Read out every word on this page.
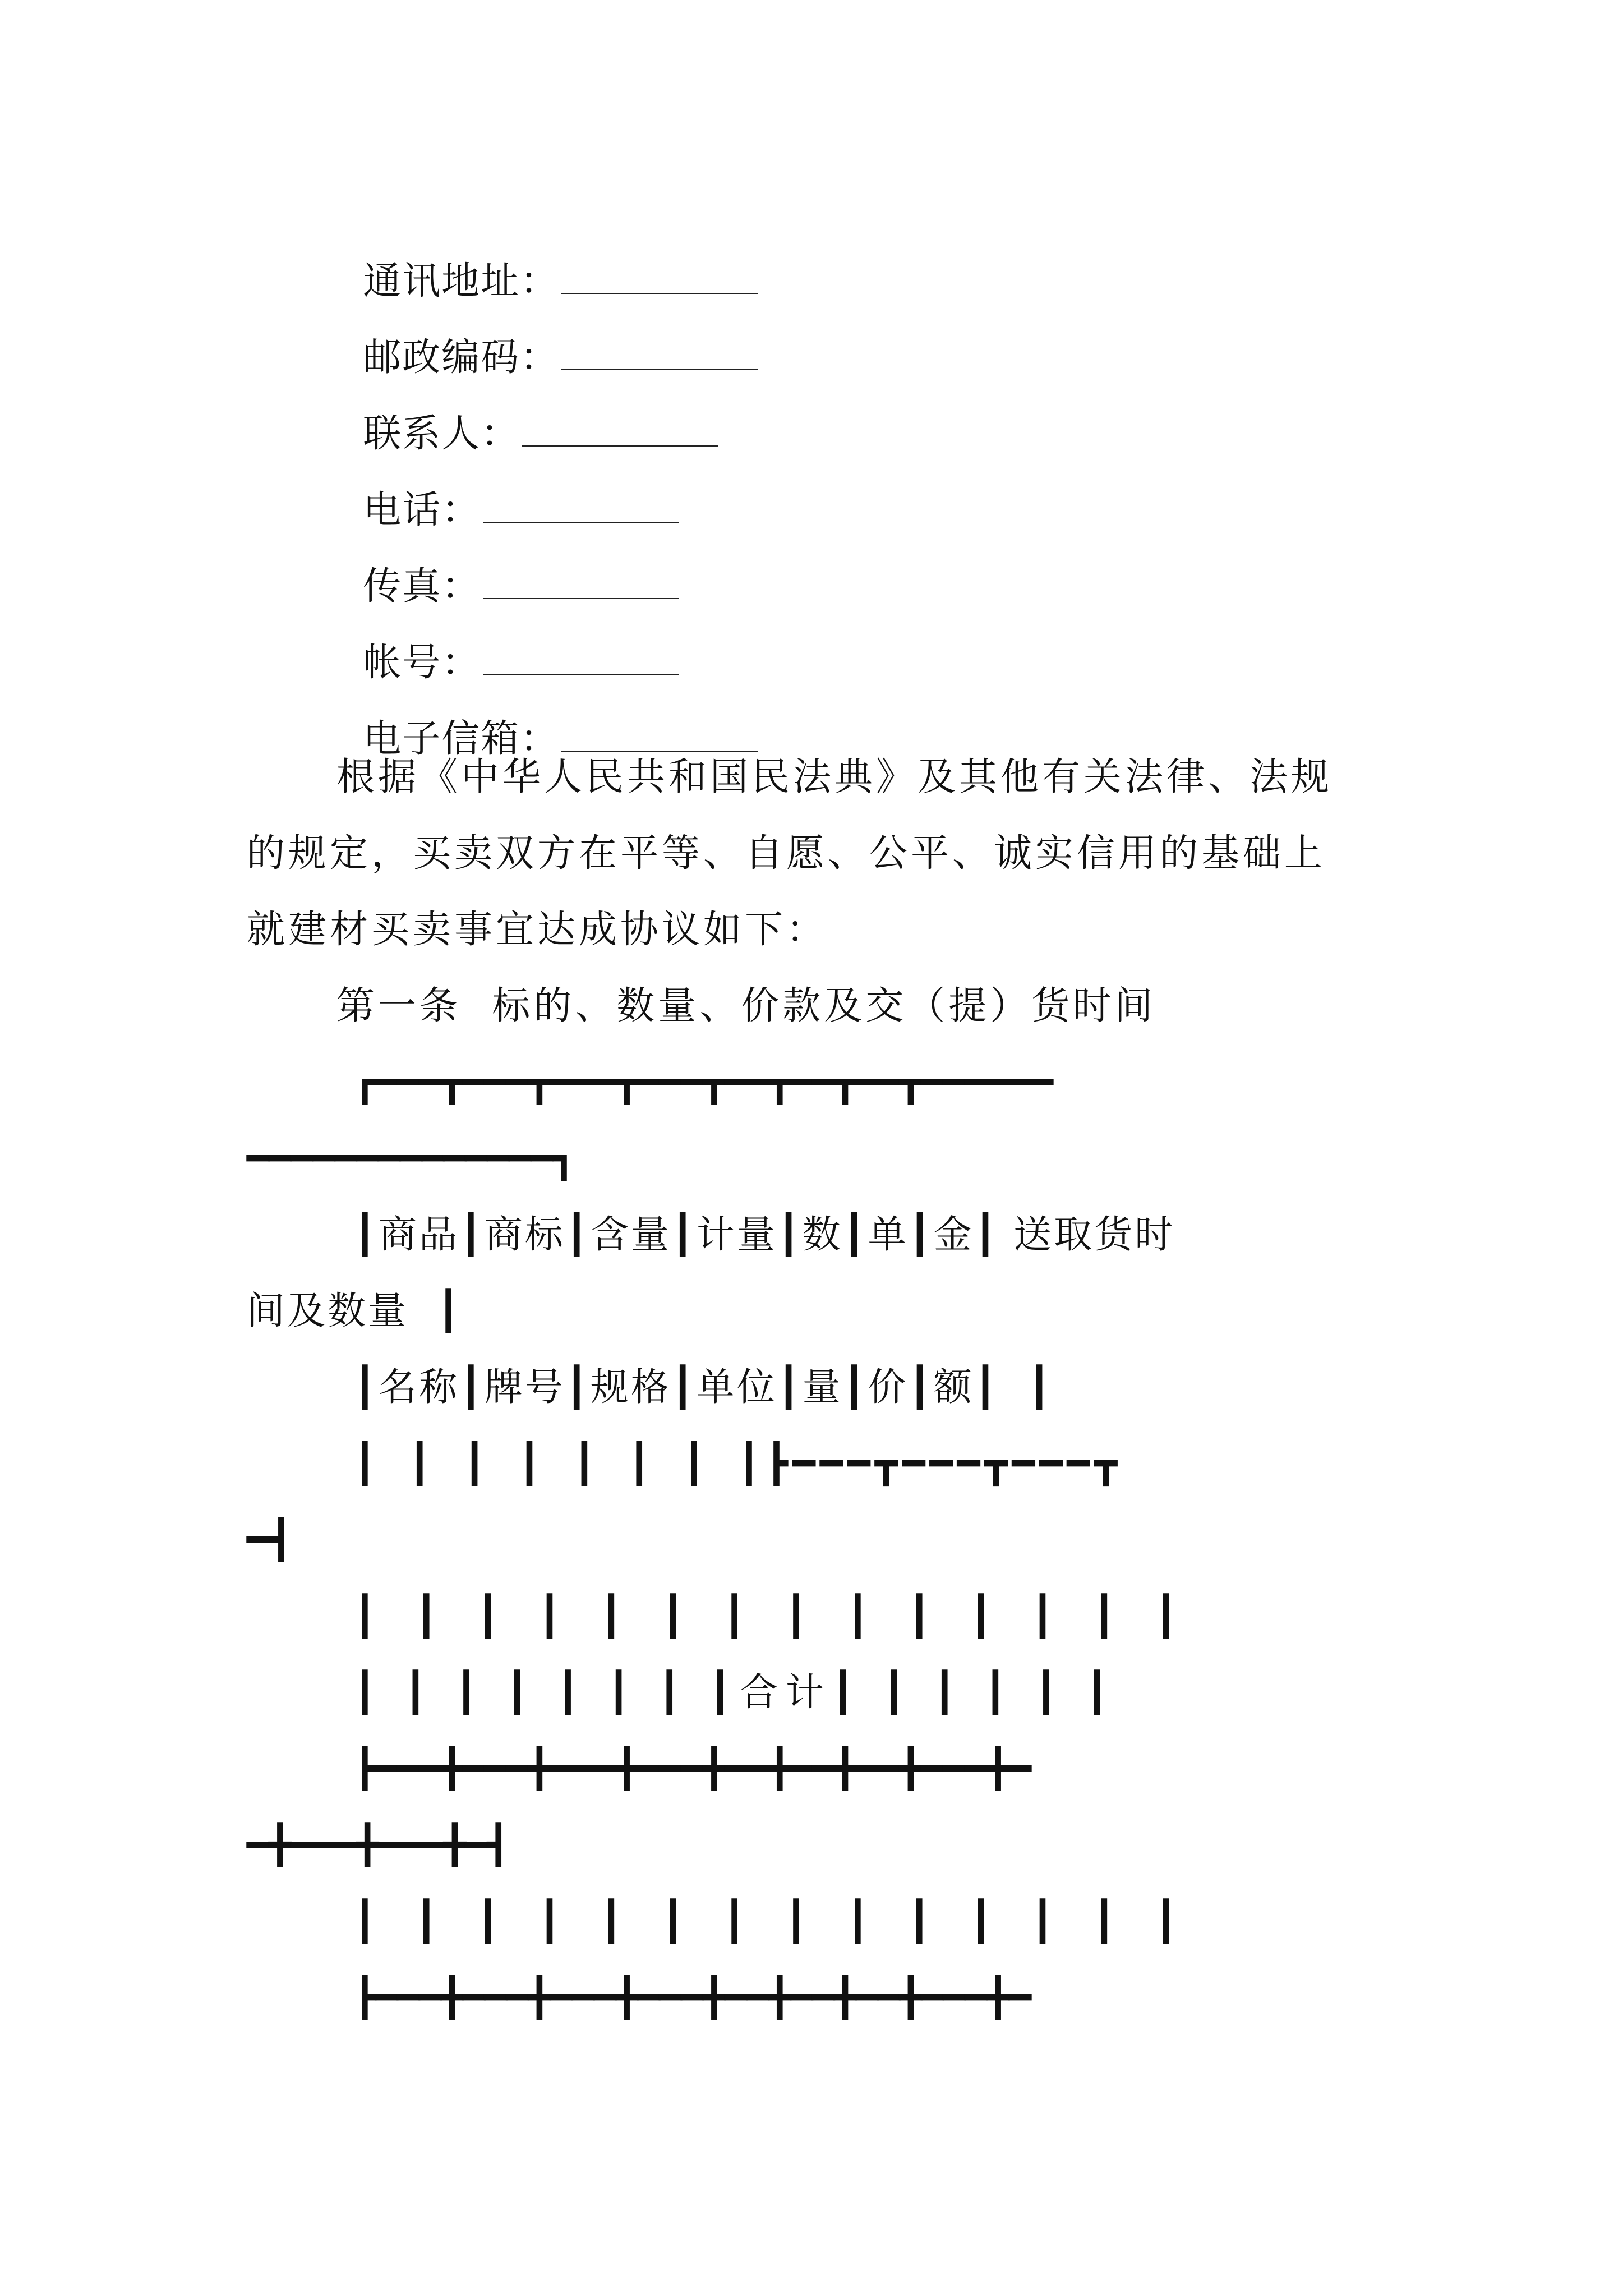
通讯地址：

邮政编码：

联系人：

电话：

传真：

帐号：

电子信箱：

根据《中华人民共和国民法典》及其他有关法律、法规
的规定，买卖双方在平等、自愿、公平、诚实信用的基础上
就建材买卖事宜达成协议如下：
第一条  标的、数量、价款及交（提）货时间
┏━━━┳━━━┳━━━┳━━━┳━━┳━━┳━━┳━━━━━━
━━━━━━━━━━━━━━┓
┃商品┃商标┃含量┃计量┃数┃单┃金┃ 送取货时
间及数量  ┃
┃名称┃牌号┃规格┃单位┃量┃价┃额┃  ┃
┃ ┃ ┃ ┃ ┃ ┃ ┃ ┃┣━━━┳━━━┳━━━┳
━┫
┃ ┃ ┃ ┃ ┃ ┃ ┃ ┃ ┃ ┃ ┃ ┃ ┃ ┃
┃ ┃ ┃ ┃ ┃ ┃ ┃ ┃合计┃ ┃ ┃ ┃ ┃ ┃
┣━━━╋━━━╋━━━╋━━━╋━━╋━━╋━━╋━━━╋━
━╋━━━╋━━━╋━┫
┃ ┃ ┃ ┃ ┃ ┃ ┃ ┃ ┃ ┃ ┃ ┃ ┃ ┃
┣━━━╋━━━╋━━━╋━━━╋━━╋━━╋━━╋━━━╋━
